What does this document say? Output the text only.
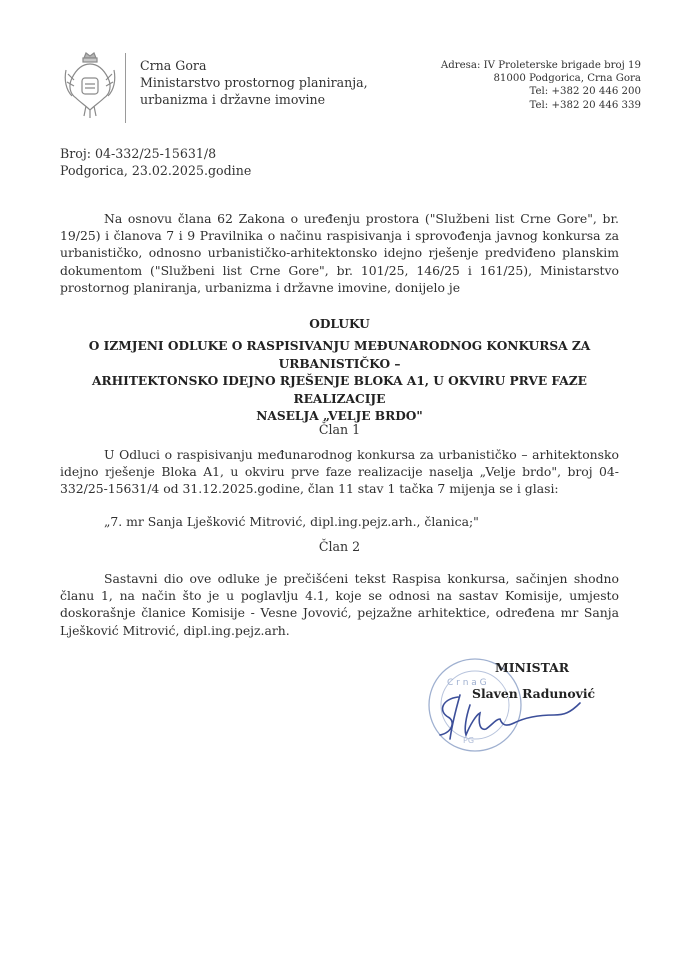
Crna Gora
Ministarstvo prostornog planiranja,
urbanizma i državne imovine
Adresa: IV Proleterske brigade broj 19
81000 Podgorica, Crna Gora
Tel: +382 20 446 200
Tel: +382 20 446 339
Broj: 04-332/25-15631/8
Podgorica, 23.02.2025.godine
Na osnovu člana 62 Zakona o uređenju prostora ("Službeni list Crne Gore", br. 19/25) i članova 7 i 9 Pravilnika o načinu raspisivanja i sprovođenja javnog konkursa za urbanističko, odnosno urbanističko-arhitektonsko idejno rješenje predviđeno planskim dokumentom ("Službeni list Crne Gore", br. 101/25, 146/25 i 161/25), Ministarstvo prostornog planiranja, urbanizma i državne imovine, donijelo je
ODLUKU
O IZMJENI ODLUKE O RASPISIVANJU MEĐUNARODNOG KONKURSA ZA URBANISTIČKO –
ARHITEKTONSKO IDEJNO RJEŠENJE BLOKA A1, U OKVIRU PRVE FAZE REALIZACIJE
NASELJA „VELJE BRDO"
Član 1
U Odluci o raspisivanju međunarodnog konkursa za urbanističko – arhitektonsko idejno rješenje Bloka A1, u okviru prve faze realizacije naselja „Velje brdo", broj 04-332/25-15631/4 od 31.12.2025.godine, član 11 stav 1 tačka 7 mijenja se i glasi:
„7. mr Sanja Lješković Mitrović, dipl.ing.pejz.arh., članica;"
Član 2
Sastavni dio ove odluke je prečišćeni tekst Raspisa konkursa, sačinjen shodno članu 1, na način što je u poglavlju 4.1, koje se odnosi na sastav Komisije, umjesto doskorašnje članice Komisije - Vesne Jovović, pejzažne arhitektice, određena mr Sanja Lješković Mitrović, dipl.ing.pejz.arh.
C r n a G
PG
MINISTAR
Slaven Radunović
